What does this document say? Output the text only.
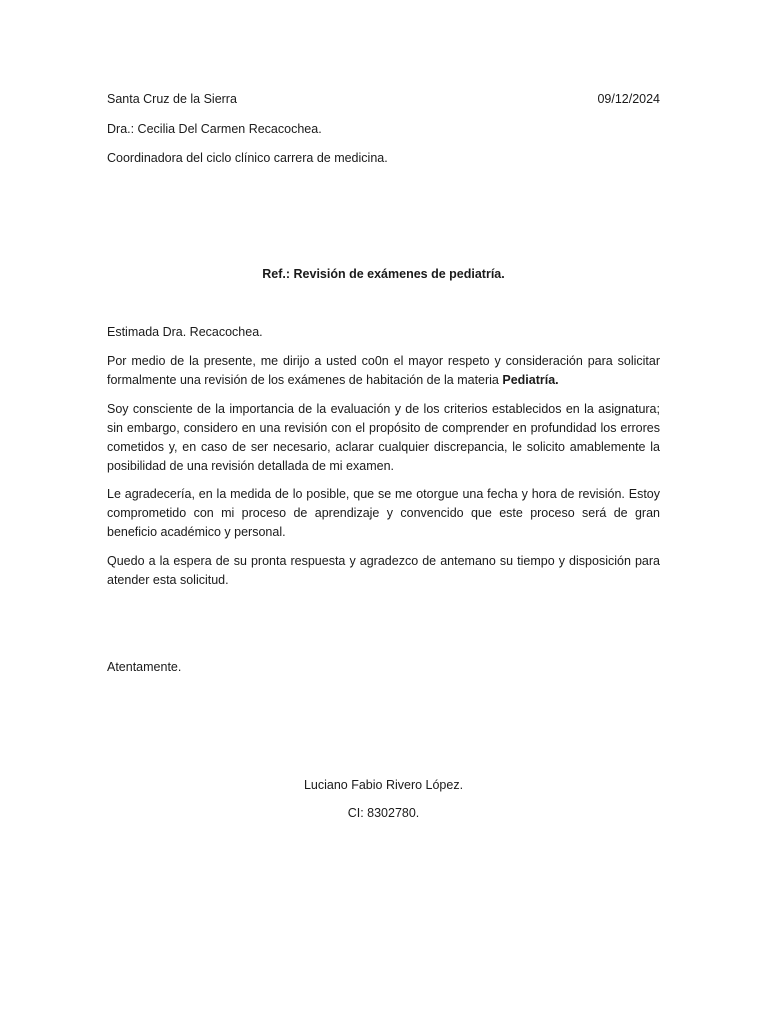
Santa Cruz de la Sierra	09/12/2024

Dra.: Cecilia Del Carmen Recacochea.

Coordinadora del ciclo clínico carrera de medicina.

Ref.: Revisión de exámenes de pediatría.

Estimada Dra. Recacochea.

Por medio de la presente, me dirijo a usted co0n el mayor respeto y consideración para solicitar formalmente una revisión de los exámenes de habitación de la materia Pediatría.

Soy consciente de la importancia de la evaluación y de los criterios establecidos en la asignatura; sin embargo, considero en una revisión con el propósito de comprender en profundidad los errores cometidos y, en caso de ser necesario, aclarar cualquier discrepancia, le solicito amablemente la posibilidad de una revisión detallada de mi examen.

Le agradecería, en la medida de lo posible, que se me otorgue una fecha y hora de revisión. Estoy comprometido con mi proceso de aprendizaje y convencido que este proceso será de gran beneficio académico y personal.

Quedo a la espera de su pronta respuesta y agradezco de antemano su tiempo y disposición para atender esta solicitud.

Atentamente.

Luciano Fabio Rivero López.

CI: 8302780.
